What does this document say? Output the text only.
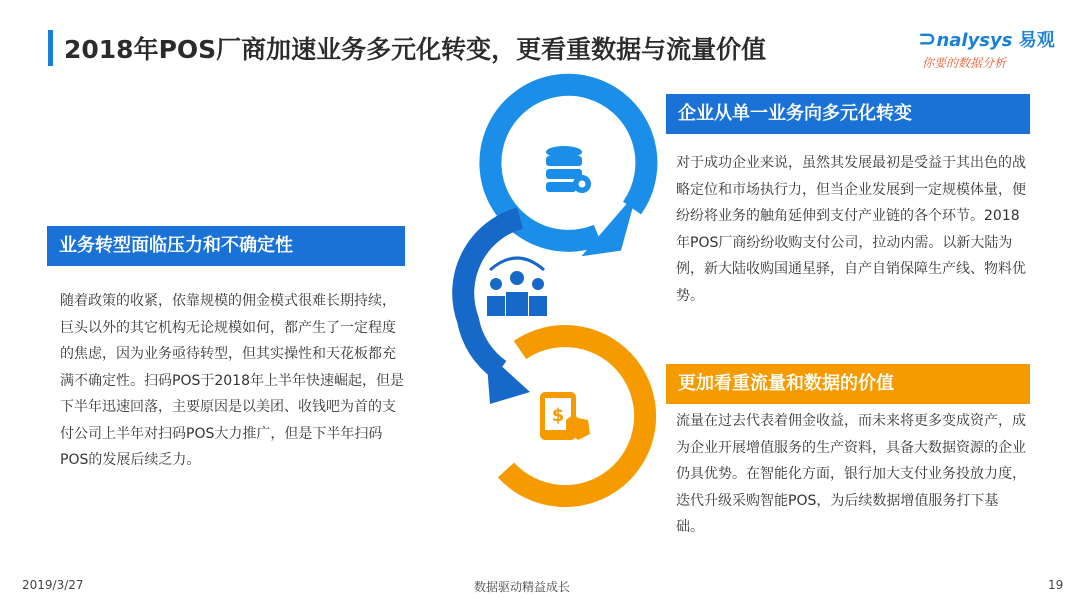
2018年POS厂商加速业务多元化转变，更看重数据与流量价值	⊃nalysys 易观
你要的数据分析
业务转型面临压力和不确定性
随着政策的收紧，依靠规模的佣金模式很难长期持续，巨头以外的其它机构无论规模如何，都产生了一定程度的焦虑，因为业务亟待转型，但其实操性和天花板都充满不确定性。扫码POS于2018年上半年快速崛起，但是下半年迅速回落，主要原因是以美团、收钱吧为首的支付公司上半年对扫码POS大力推广，但是下半年扫码POS的发展后续乏力。
企业从单一业务向多元化转变
对于成功企业来说，虽然其发展最初是受益于其出色的战略定位和市场执行力，但当企业发展到一定规模体量，便纷纷将业务的触角延伸到支付产业链的各个环节。2018年POS厂商纷纷收购支付公司，拉动内需。以新大陆为例，新大陆收购国通星驿，自产自销保障生产线、物料优势。
更加看重流量和数据的价值
流量在过去代表着佣金收益，而未来将更多变成资产，成为企业开展增值服务的生产资料，具备大数据资源的企业仍具优势。在智能化方面，银行加大支付业务投放力度，迭代升级采购智能POS，为后续数据增值服务打下基础。
$
2019/3/27	数据驱动精益成长	19
